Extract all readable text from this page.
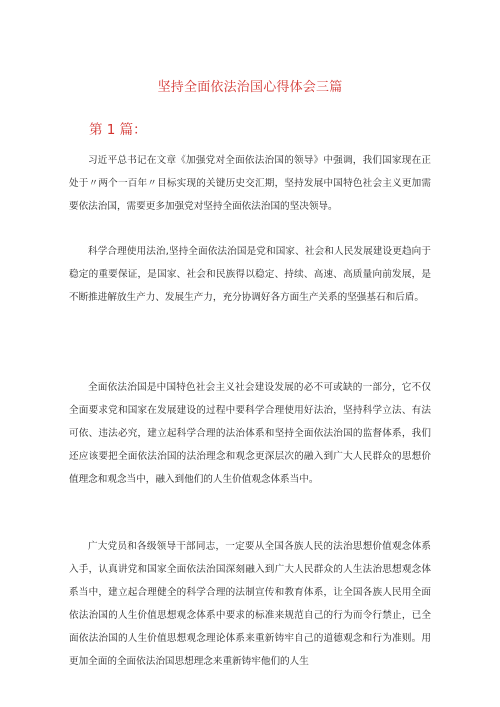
坚持全面依法治国心得体会三篇
第 1 篇：

习近平总书记在文章《加强党对全面依法治国的领导》中强调，我们国家现在正处于〃两个一百年〃目标实现的关键历史交汇期，坚持发展中国特色社会主义更加需要依法治国，需要更多加强党对坚持全面依法治国的坚决领导。

科学合理使用法治,坚持全面依法治国是党和国家、社会和人民发展建设更趋向于稳定的重要保证，是国家、社会和民族得以稳定、持续、高速、高质量向前发展，是不断推进解放生产力、发展生产力，充分协调好各方面生产关系的坚强基石和后盾。

全面依法治国是中国特色社会主义社会建设发展的必不可或缺的一部分，它不仅全面要求党和国家在发展建设的过程中要科学合理使用好法治，坚持科学立法、有法可依、违法必究，建立起科学合理的法治体系和坚持全面依法治国的监督体系，我们还应该要把全面依法治国的法治理念和观念更深层次的融入到广大人民群众的思想价值理念和观念当中，融入到他们的人生价值观念体系当中。

广大党员和各级领导干部同志，一定要从全国各族人民的法治思想价值观念体系入手，认真讲党和国家全面依法治国深刻融入到广大人民群众的人生法治思想观念体系当中，建立起合理健全的科学合理的法制宣传和教育体系，让全国各族人民用全面依法治国的人生价值思想观念体系中要求的标准来规范自己的行为而令行禁止，已全面依法治国的人生价值思想观念理论体系来重新铸牢自己的道德观念和行为准则。用更加全面的全面依法治国思想理念来重新铸牢他们的人生
